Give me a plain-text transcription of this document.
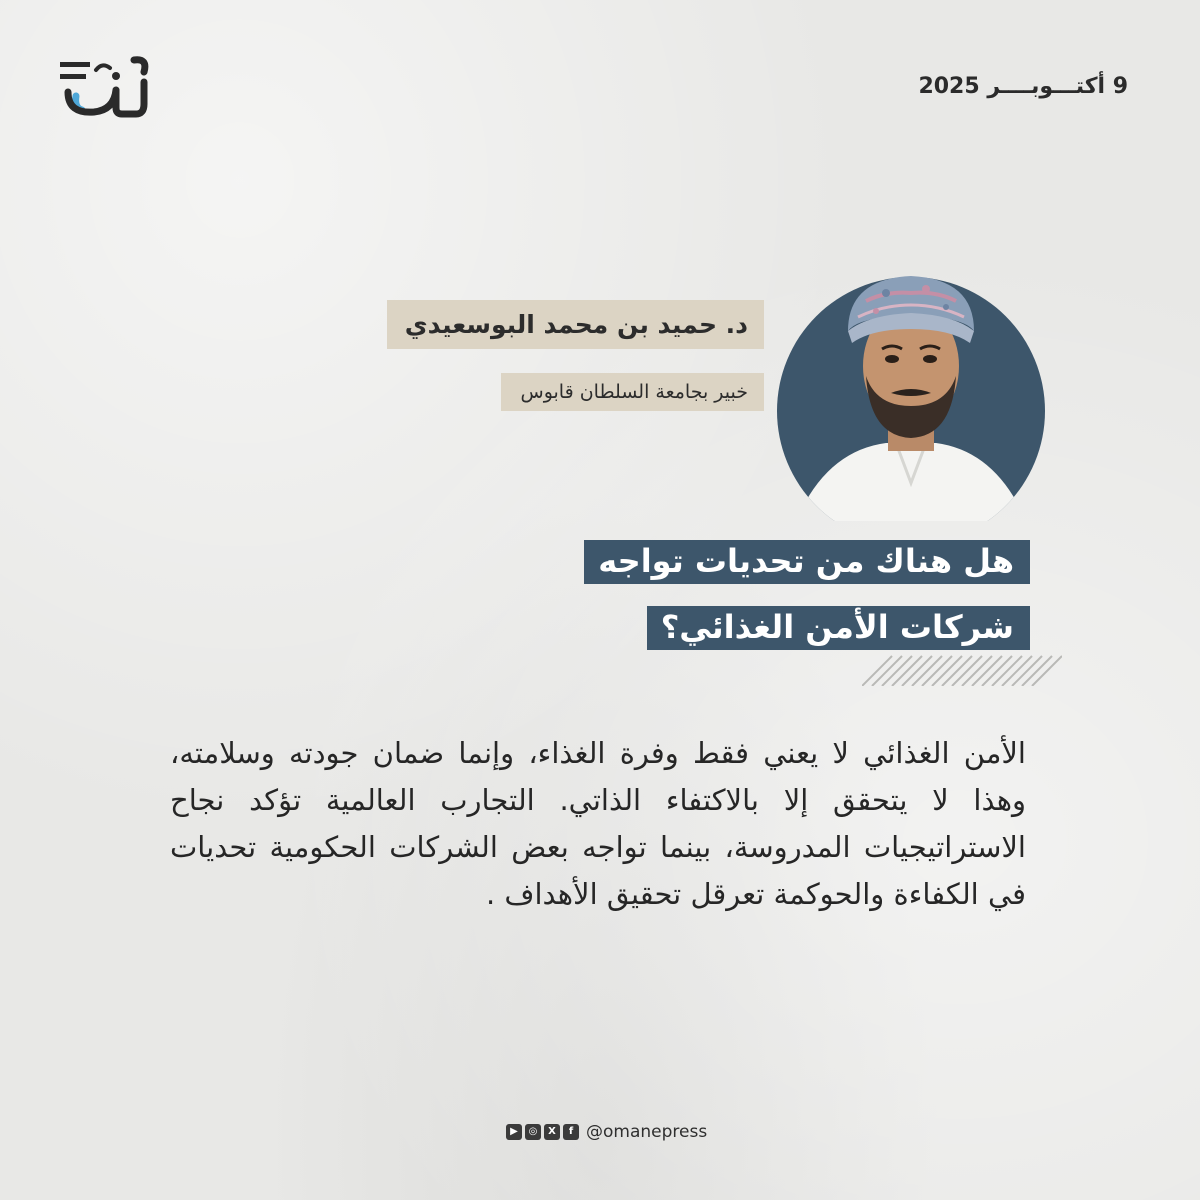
9 أكتـــوبــــر 2025
د. حميد بن محمد البوسعيدي
خبير بجامعة السلطان قابوس
هل هناك من تحديات تواجه
شركات الأمن الغذائي؟
الأمن الغذائي لا يعني فقط وفرة الغذاء، وإنما ضمان جودته وسلامته، وهذا لا يتحقق إلا بالاكتفاء الذاتي. التجارب العالمية تؤكد نجاح الاستراتيجيات المدروسة، بينما تواجه بعض الشركات الحكومية تحديات في الكفاءة والحوكمة تعرقل تحقيق الأهداف .
▶	◎	X	f @omanepress
